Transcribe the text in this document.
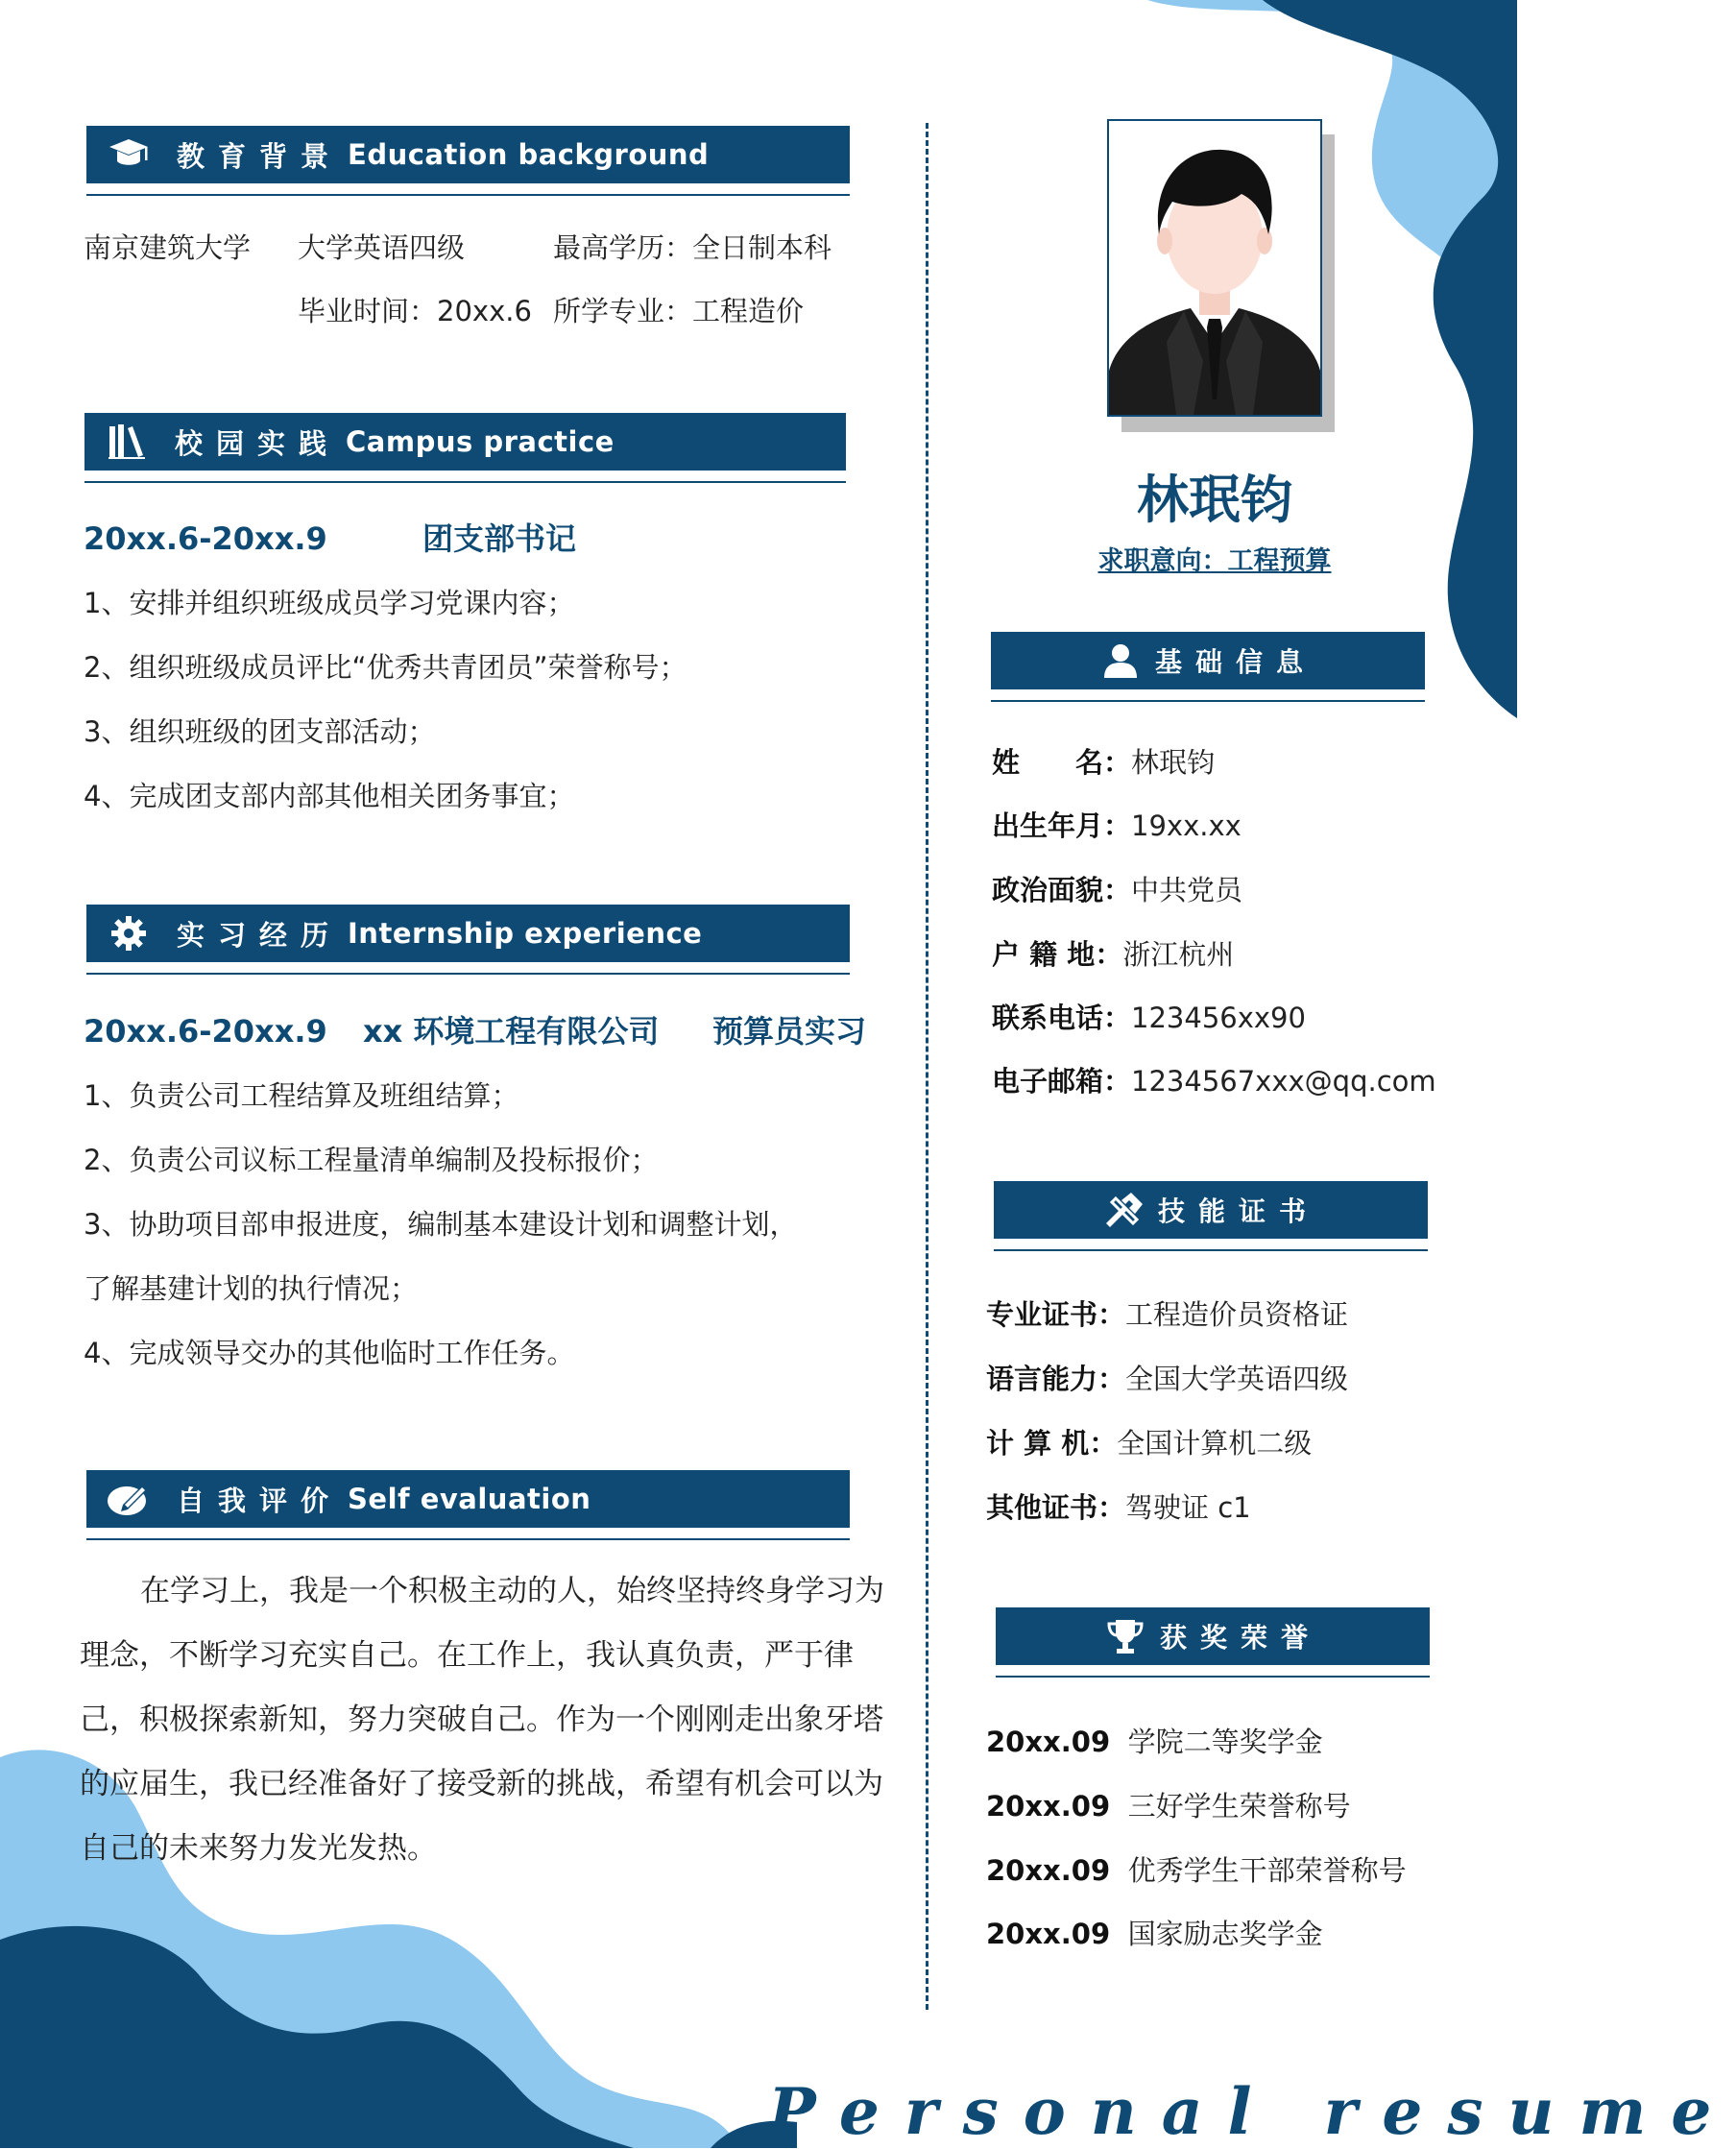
教育背景 Education background
南京建筑大学 大学英语四级	最高学历：全日制本科
毕业时间：20xx.6 所学专业：工程造价
校园实践 Campus practice
20xx.6-20xx.9	团支部书记
1、安排并组织班级成员学习党课内容；
2、组织班级成员评比“优秀共青团员”荣誉称号；
3、组织班级的团支部活动；
4、完成团支部内部其他相关团务事宜；
实习经历 Internship experience
20xx.6-20xx.9 xx 环境工程有限公司 预算员实习
1、负责公司工程结算及班组结算；
2、负责公司议标工程量清单编制及投标报价；
3、协助项目部申报进度，编制基本建设计划和调整计划，
了解基建计划的执行情况；
4、完成领导交办的其他临时工作任务。
自我评价 Self evaluation
在学习上，我是一个积极主动的人，始终坚持终身学习为理念，不断学习充实自己。在工作上，我认真负责，严于律己，积极探索新知，努力突破自己。作为一个刚刚走出象牙塔的应届生，我已经准备好了接受新的挑战，希望有机会可以为自己的未来努力发光发热。
林珉钧
求职意向：工程预算
基础信息
姓　　名：林珉钧
出生年月：19xx.xx
政治面貌：中共党员
户 籍 地：浙江杭州
联系电话：123456xx90
电子邮箱：1234567xxx@qq.com
技能证书
专业证书：工程造价员资格证
语言能力：全国大学英语四级
计 算 机：全国计算机二级
其他证书：驾驶证 c1
获奖荣誉
20xx.09 学院二等奖学金
20xx.09 三好学生荣誉称号
20xx.09 优秀学生干部荣誉称号
20xx.09 国家励志奖学金
Personal resume
